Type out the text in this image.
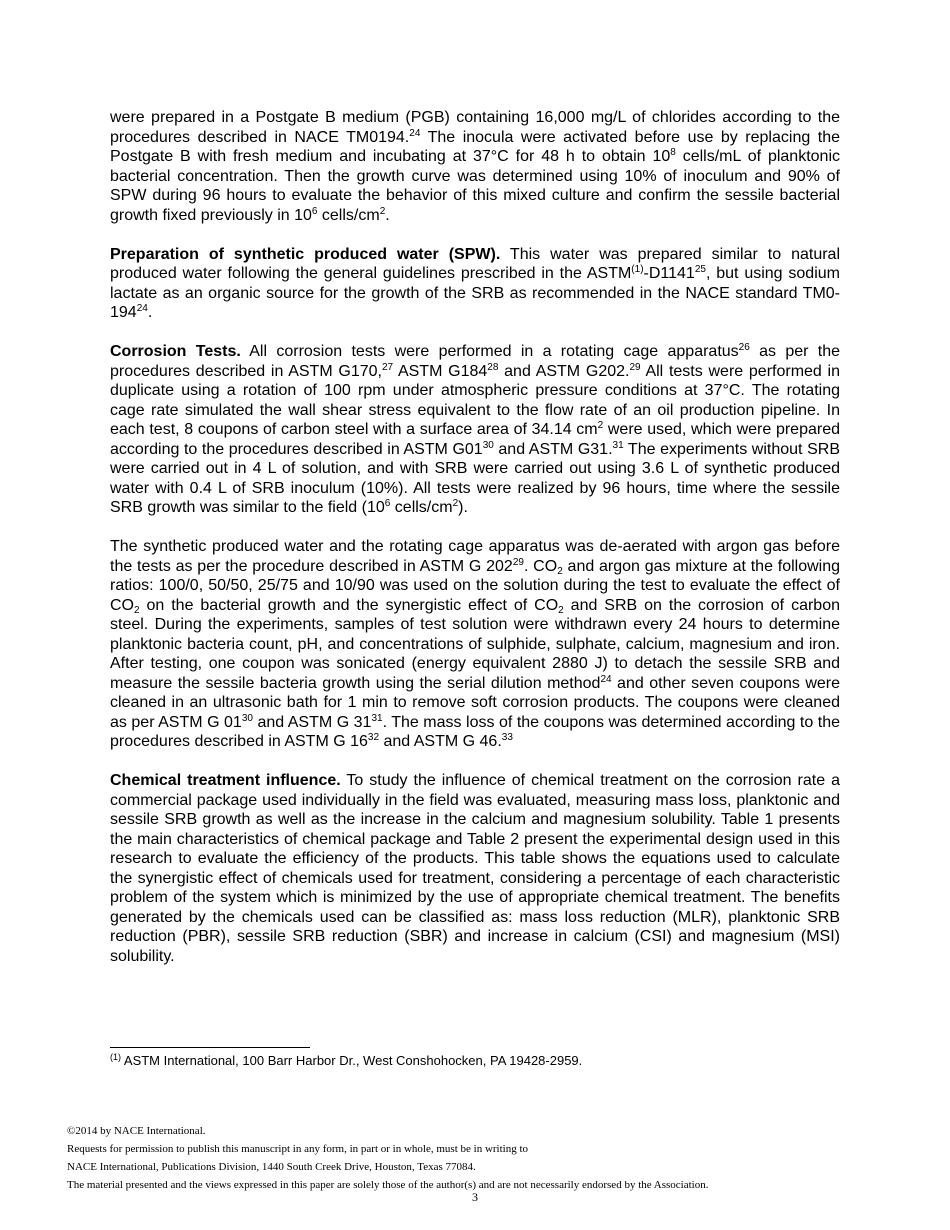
were prepared in a Postgate B medium (PGB) containing 16,000 mg/L of chlorides according to the procedures described in NACE TM0194.24 The inocula were activated before use by replacing the Postgate B with fresh medium and incubating at 37°C for 48 h to obtain $10^8$ cells/mL of planktonic bacterial concentration. Then the growth curve was determined using 10% of inoculum and 90% of SPW during 96 hours to evaluate the behavior of this mixed culture and confirm the sessile bacterial growth fixed previously in $10^6$ cells/$cm^2$.

Preparation of synthetic produced water (SPW). This water was prepared similar to natural produced water following the general guidelines prescribed in the ASTM$^{(1)}$-D1141$^{25}$, but using sodium lactate as an organic source for the growth of the SRB as recommended in the NACE standard $TM0-194^{24}$.

Corrosion Tests. All corrosion tests were performed in a rotating cage apparatus$^{26}$ as per the procedures described in ASTM G170,27 ASTM $G184^{28}$ and ASTM G202.29 All tests were performed in duplicate using a rotation of 100 rpm under atmospheric pressure conditions at 37°C. The rotating cage rate simulated the wall shear stress equivalent to the flow rate of an oil production pipeline. In each test, 8 coupons of carbon steel with a surface area of 34.14 $cm^2$ were used, which were prepared according to the procedures described in ASTM $G01^{30}$ and ASTM G31.31 The experiments without SRB were carried out in 4 L of solution, and with SRB were carried out using 3.6 L of synthetic produced water with 0.4 L of SRB inoculum (10%). All tests were realized by 96 hours, time where the sessile SRB growth was similar to the field ($10^6$ cells/$cm^2$).

The synthetic produced water and the rotating cage apparatus was de-aerated with argon gas before the tests as per the procedure described in ASTM G $202^{29}$. $CO_2$ and argon gas mixture at the following ratios: 100/0, 50/50, 25/75 and 10/90 was used on the solution during the test to evaluate the effect of $CO_2$ on the bacterial growth and the synergistic effect of $CO_2$ and SRB on the corrosion of carbon steel. During the experiments, samples of test solution were withdrawn every 24 hours to determine planktonic bacteria count, pH, and concentrations of sulphide, sulphate, calcium, magnesium and iron. After testing, one coupon was sonicated (energy equivalent 2880 J) to detach the sessile SRB and measure the sessile bacteria growth using the serial dilution method$^{24}$ and other seven coupons were cleaned in an ultrasonic bath for 1 min to remove soft corrosion products. The coupons were cleaned as per ASTM G $01^{30}$ and ASTM G $31^{31}$. The mass loss of the coupons was determined according to the procedures described in ASTM G $16^{32}$ and ASTM G 46.33

Chemical treatment influence. To study the influence of chemical treatment on the corrosion rate a commercial package used individually in the field was evaluated, measuring mass loss, planktonic and sessile SRB growth as well as the increase in the calcium and magnesium solubility. Table 1 presents the main characteristics of chemical package and Table 2 present the experimental design used in this research to evaluate the efficiency of the products. This table shows the equations used to calculate the synergistic effect of chemicals used for treatment, considering a percentage of each characteristic problem of the system which is minimized by the use of appropriate chemical treatment. The benefits generated by the chemicals used can be classified as: mass loss reduction (MLR), planktonic SRB reduction (PBR), sessile SRB reduction (SBR) and increase in calcium (CSI) and magnesium (MSI) solubility.

$^{(1)}$ ASTM International, 100 Barr Harbor Dr., West Conshohocken, PA 19428-2959.
©2014 by NACE International.
Requests for permission to publish this manuscript in any form, in part or in whole, must be in writing to
NACE International, Publications Division, 1440 South Creek Drive, Houston, Texas 77084.
The material presented and the views expressed in this paper are solely those of the author(s) and are not necessarily endorsed by the Association.
3
